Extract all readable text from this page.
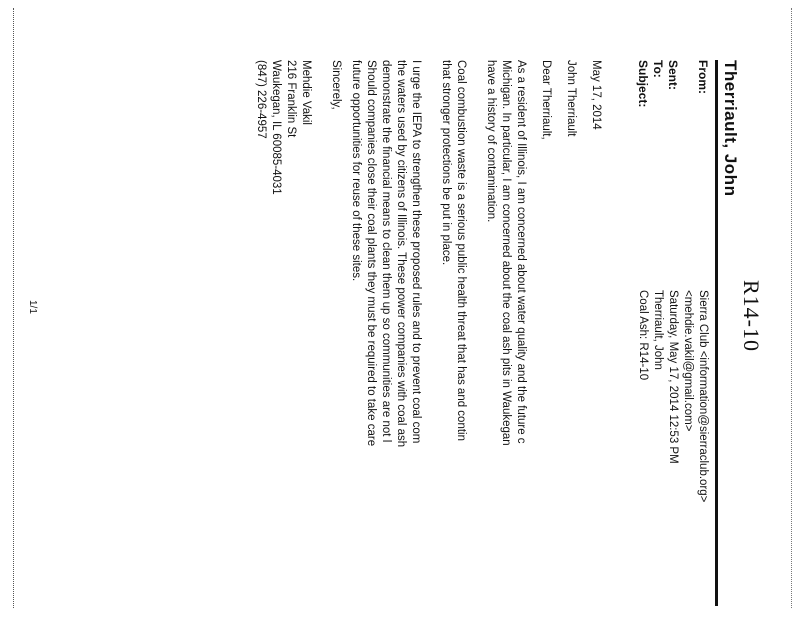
R14-10
Therriault, John
From:
Sierra Club <information@sierraclub.org>
<mehdie.vakil@gmail.com>
Sent:
Saturday, May 17, 2014 12:53 PM
To:
Therriault, John
Subject:
Coal Ash: R14-10
May 17, 2014
John Therriault
Dear Therriault,
As a resident of Illinois, I am concerned about water quality and the future c
Michigan. In particular, I am concerned about the coal ash pits in Waukegan
have a history of contamination.
Coal combustion waste is a serious public health threat that has and contin
that stronger protections be put in place.
I urge the IEPA to strengthen these proposed rules and to prevent coal com
the waters used by citizens of Illinois. These power companies with coal ash
demonstrate the financial means to clean them up so communities are not l
Should companies close their coal plants they must be required to take care
future opportunities for reuse of these sites.
Sincerely,
Mehdie Vakil
216 Franklin St
Waukegan, IL 60085-4031
(847) 226-4957
1/1
